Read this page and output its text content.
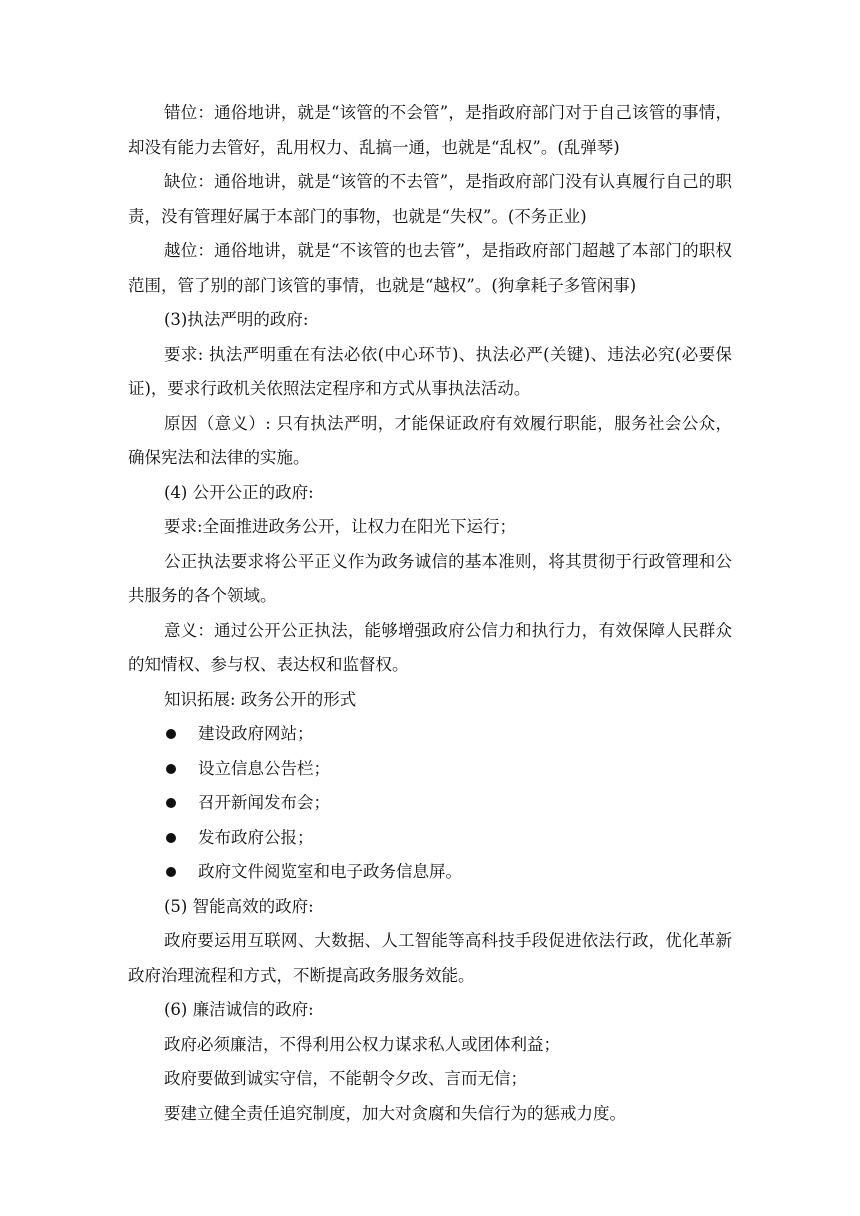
错位：通俗地讲，就是“该管的不会管”，是指政府部门对于自己该管的事情，却没有能力去管好，乱用权力、乱搞一通，也就是“乱权”。(乱弹琴)

缺位：通俗地讲，就是“该管的不去管”，是指政府部门没有认真履行自己的职责，没有管理好属于本部门的事物，也就是“失权”。(不务正业)

越位：通俗地讲，就是“不该管的也去管”，是指政府部门超越了本部门的职权范围，管了别的部门该管的事情，也就是“越权”。(狗拿耗子多管闲事)

(3)执法严明的政府:

要求: 执法严明重在有法必依(中心环节)、执法必严(关键)、违法必究(必要保证)，要求行政机关依照法定程序和方式从事执法活动。

原因（意义）: 只有执法严明，才能保证政府有效履行职能，服务社会公众，确保宪法和法律的实施。

(4) 公开公正的政府:

要求:全面推进政务公开，让权力在阳光下运行；

公正执法要求将公平正义作为政务诚信的基本准则，将其贯彻于行政管理和公共服务的各个领域。

意义：通过公开公正执法，能够增强政府公信力和执行力，有效保障人民群众的知情权、参与权、表达权和监督权。

知识拓展: 政务公开的形式

建设政府网站；
设立信息公告栏；
召开新闻发布会；
发布政府公报；
政府文件阅览室和电子政务信息屏。

(5) 智能高效的政府:

政府要运用互联网、大数据、人工智能等高科技手段促进依法行政，优化革新政府治理流程和方式，不断提高政务服务效能。

(6) 廉洁诚信的政府:

政府必须廉洁，不得利用公权力谋求私人或团体利益；

政府要做到诚实守信，不能朝令夕改、言而无信；

要建立健全责任追究制度，加大对贪腐和失信行为的惩戒力度。
